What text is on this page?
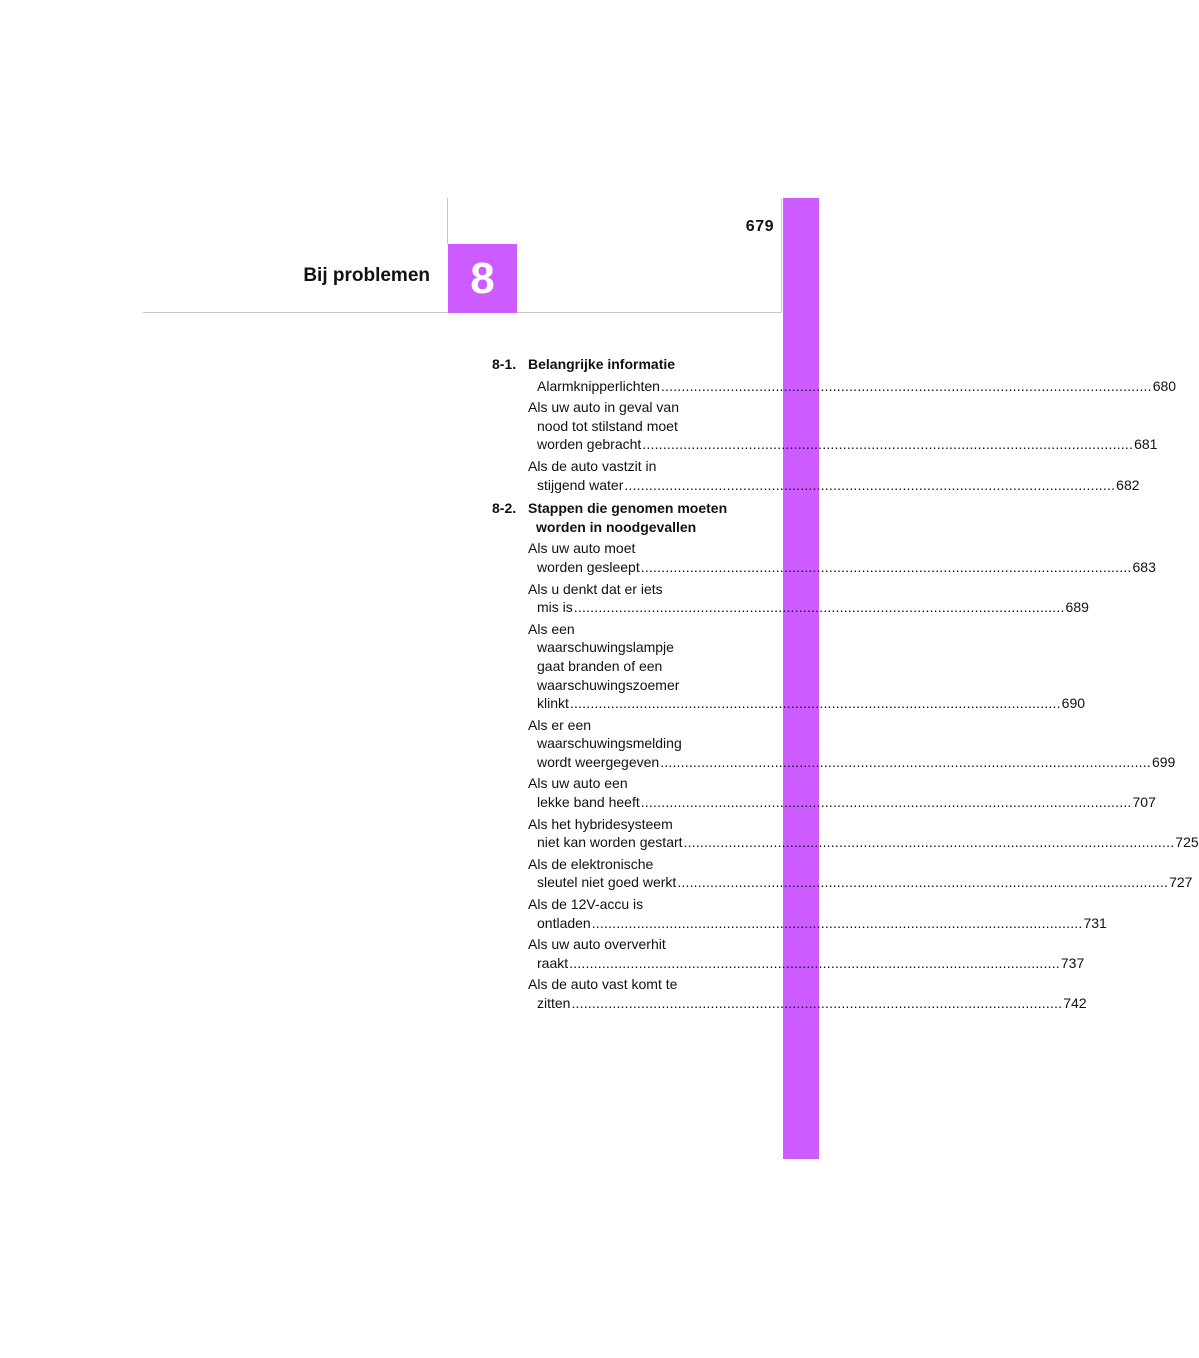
679
Bij problemen 8
8-1. Belangrijke informatie
Alarmknipperlichten ........................................................................................................................ 680
Als uw auto in geval van
nood tot stilstand moet
worden gebracht ........................................................................................................................ 681
Als de auto vastzit in
stijgend water ........................................................................................................................ 682
8-2. Stappen die genomen moeten worden in noodgevallen
Als uw auto moet
worden gesleept ........................................................................................................................ 683
Als u denkt dat er iets
mis is ........................................................................................................................ 689
Als een
waarschuwingslampje
gaat branden of een
waarschuwingszoemer
klinkt ........................................................................................................................ 690
Als er een
waarschuwingsmelding
wordt weergegeven ........................................................................................................................ 699
Als uw auto een
lekke band heeft ........................................................................................................................ 707
Als het hybridesysteem
niet kan worden gestart ........................................................................................................................ 725
Als de elektronische
sleutel niet goed werkt ........................................................................................................................ 727
Als de 12V-accu is
ontladen ........................................................................................................................ 731
Als uw auto oververhit
raakt ........................................................................................................................ 737
Als de auto vast komt te
zitten ........................................................................................................................ 742
